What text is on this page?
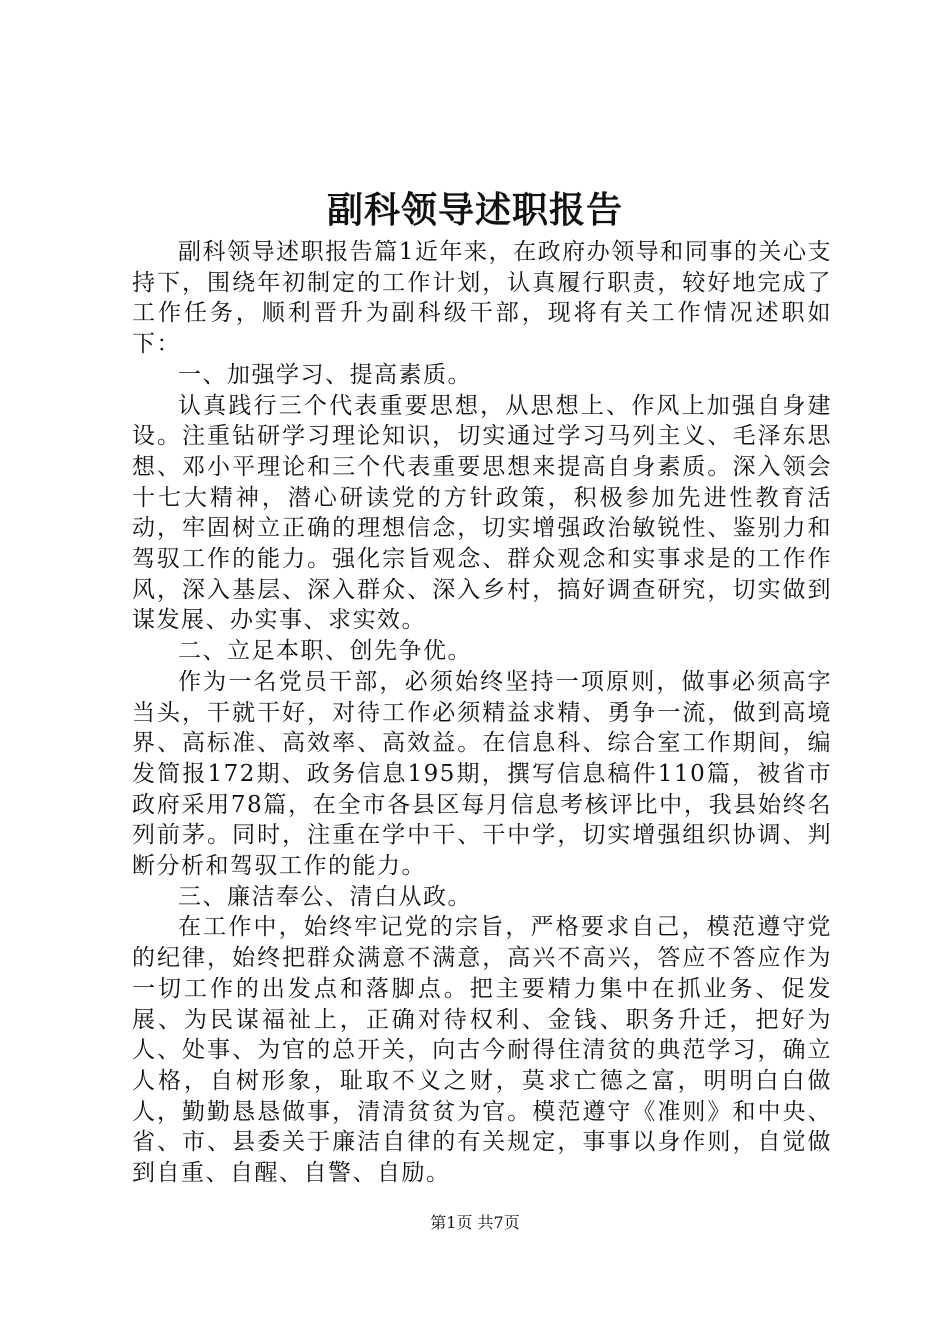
副科领导述职报告

副科领导述职报告篇1近年来，在政府办领导和同事的关心支持下，围绕年初制定的工作计划，认真履行职责，较好地完成了工作任务，顺利晋升为副科级干部，现将有关工作情况述职如下：

一、加强学习、提高素质。

认真践行三个代表重要思想，从思想上、作风上加强自身建设。注重钻研学习理论知识，切实通过学习马列主义、毛泽东思想、邓小平理论和三个代表重要思想来提高自身素质。深入领会十七大精神，潜心研读党的方针政策，积极参加先进性教育活动，牢固树立正确的理想信念，切实增强政治敏锐性、鉴别力和驾驭工作的能力。强化宗旨观念、群众观念和实事求是的工作作风，深入基层、深入群众、深入乡村，搞好调查研究，切实做到谋发展、办实事、求实效。

二、立足本职、创先争优。

作为一名党员干部，必须始终坚持一项原则，做事必须高字当头，干就干好，对待工作必须精益求精、勇争一流，做到高境界、高标准、高效率、高效益。在信息科、综合室工作期间，编发简报172期、政务信息195期，撰写信息稿件110篇，被省市政府采用78篇，在全市各县区每月信息考核评比中，我县始终名列前茅。同时，注重在学中干、干中学，切实增强组织协调、判断分析和驾驭工作的能力。

三、廉洁奉公、清白从政。

在工作中，始终牢记党的宗旨，严格要求自己，模范遵守党的纪律，始终把群众满意不满意，高兴不高兴，答应不答应作为一切工作的出发点和落脚点。把主要精力集中在抓业务、促发展、为民谋福祉上，正确对待权利、金钱、职务升迁，把好为人、处事、为官的总开关，向古今耐得住清贫的典范学习，确立人格，自树形象，耻取不义之财，莫求亡德之富，明明白白做人，勤勤恳恳做事，清清贫贫为官。模范遵守《准则》和中央、省、市、县委关于廉洁自律的有关规定，事事以身作则，自觉做到自重、自醒、自警、自励。

第1页 共7页
